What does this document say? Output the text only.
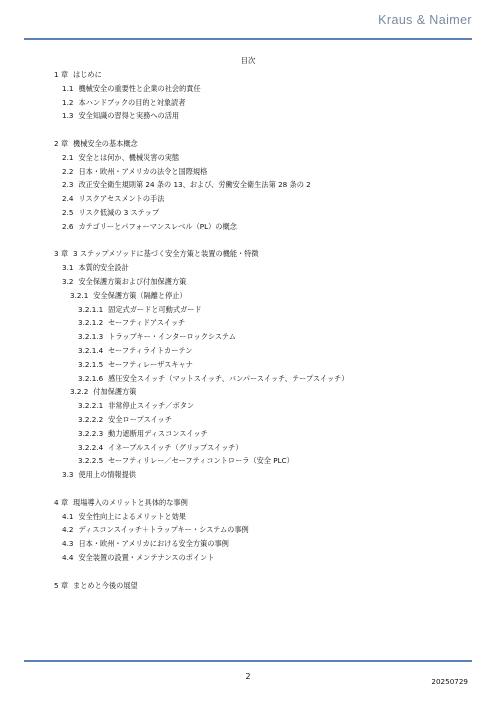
Kraus & Naimer
目次
1 章 はじめに
1.1 機械安全の重要性と企業の社会的責任
1.2 本ハンドブックの目的と対象読者
1.3 安全知識の習得と実務への活用
2 章 機械安全の基本概念
2.1 安全とは何か、機械災害の実態
2.2 日本・欧州・アメリカの法令と国際規格
2.3 改正安全衛生規則第 24 条の 13、および、労働安全衛生法第 28 条の 2
2.4 リスクアセスメントの手法
2.5 リスク低減の 3 ステップ
2.6 カテゴリーとパフォーマンスレベル（PL）の概念
3 章 3 ステップメソッドに基づく安全方策と装置の機能・特徴
3.1 本質的安全設計
3.2 安全保護方策および付加保護方策
3.2.1 安全保護方策（隔離と停止）
3.2.1.1 固定式ガードと可動式ガード
3.2.1.2 セーフティドアスイッチ
3.2.1.3 トラップキー・インターロックシステム
3.2.1.4 セーフティライトカーテン
3.2.1.5 セーフティレーザスキャナ
3.2.1.6 感圧安全スイッチ（マットスイッチ、バンパースイッチ、テープスイッチ）
3.2.2 付加保護方策
3.2.2.1 非常停止スイッチ／ボタン
3.2.2.2 安全ロープスイッチ
3.2.2.3 動力遮断用ディスコンスイッチ
3.2.2.4 イネーブルスイッチ（グリップスイッチ）
3.2.2.5 セーフティリレー／セーフティコントローラ（安全 PLC）
3.3 使用上の情報提供
4 章 現場導入のメリットと具体的な事例
4.1 安全性向上によるメリットと効果
4.2 ディスコンスイッチ＋トラップキー・システムの事例
4.3 日本・欧州・アメリカにおける安全方策の事例
4.4 安全装置の設置・メンテナンスのポイント
5 章 まとめと今後の展望
2
20250729
